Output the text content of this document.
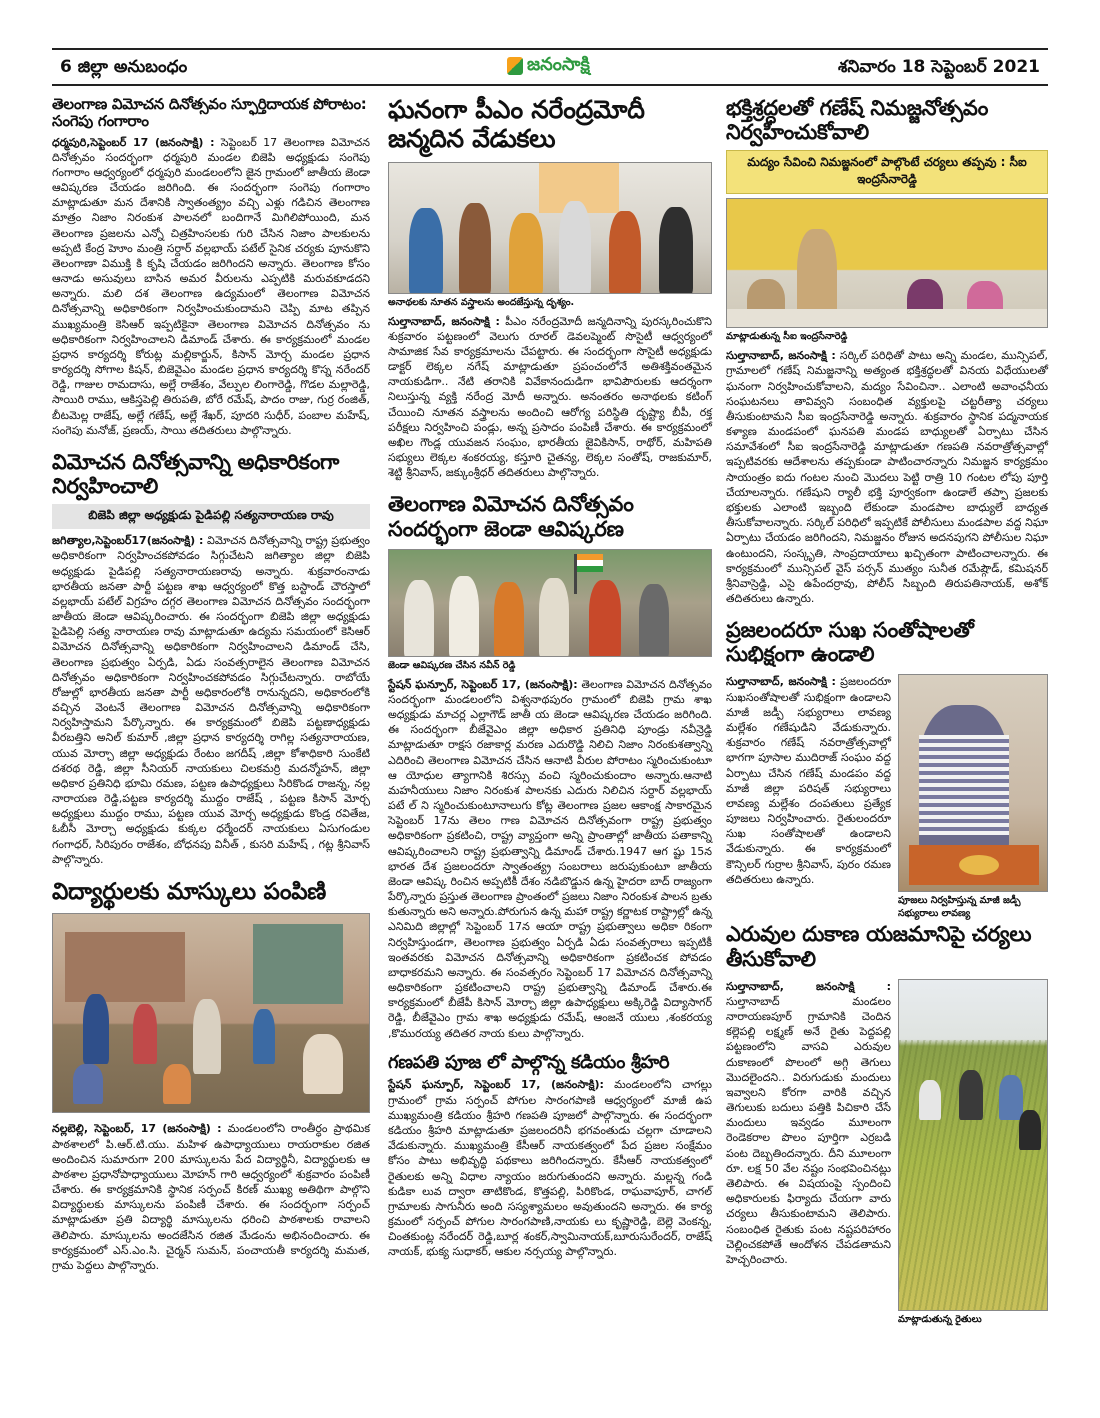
6 జిల్లా అనుబంధం	జనంసాక్షి	శనివారం 18 సెప్టెంబర్ 2021
తెలంగాణ విమోచన దినోత్సవం స్ఫూర్తిదాయక పోరాటం: సంగెపు గంగారాం

ధర్మపురి,సెప్టెంబర్ 17 (జనంసాక్షి) : సెప్టెంబర్ 17 తెలంగాణ విమోచన దినోత్సవం సందర్భంగా ధర్మపురి మండల బిజెపి అధ్యక్షుడు సంగెపు గంగారాం ఆధ్వర్యంలో ధర్మపురి మండలంలోని జైన గ్రామంలో జాతీయ జెండా ఆవిష్కరణ చేయడం జరిగింది. ఈ సందర్భంగా సంగెపు గంగారాం మాట్లాడుతూ మన దేశానికి స్వాతంత్య్రం వచ్చి ఎళ్లు గడిచిన తెలంగాణ మాత్రం నిజాం నిరంకుశ పాలనలో బందిగానే మిగిలిపోయింది, మన తెలంగాణ ప్రజలను ఎన్నో చిత్రహింసలకు గురి చేసిన నిజాం పాలకులను అప్పటి కేంద్ర హెూం మంత్రి సర్దార్ వల్లభాయ్ పటేల్ సైనిక చర్యకు పూనుకొని తెలంగాణా విముక్తి కి కృషి చేయడం జరిగిందని అన్నారు. తెలంగాణ కోసం ఆనాడు అసువులు బాసిన అమర వీరులను ఎప్పటికి మరువకూడదని అన్నారు. మలి దశ తెలంగాణ ఉద్యమంలో తెలంగాణ విమోచన దినోత్సవాన్ని అధికారికంగా నిర్వహించుకుందామని చెప్పి మాట తప్పిన ముఖ్యమంత్రి కెసిఆర్ ఇప్పటికైనా తెలంగాణ విమోచన దినోత్సవం ను అధికారికంగా నిర్వహించాలని డిమాండ్ చేశారు. ఈ కార్యక్రమంలో మండల ప్రధాన కార్యదర్శి కోరుట్ల మల్లికార్జున్, కిసాన్ మోర్చ మండల ప్రధాన కార్యదర్శి సోగాల కిషన్, బిజెవైఎం మండల ప్రధాన కార్యదర్శి కొస్న నరేందర్ రెడ్డి, గాజుల రామదాసు, అల్లే రాజేశం, వేల్పుల లింగారెడ్డి, గొడల మల్లారెడ్డి, సాయిరి రాము, ఆకిస్తపెల్లి తిరుపతి, బోరే రమేష్, పాదం రాజు, గుర్ర రంజిత్, బీటమెల్ల రాజేష్, అల్లే గణేష్, అల్లే శేఖర్, పూదరి సుధీర్, పంబాల మహేష్, సంగెపు మనోజ్, ప్రణయ్, సాయి తదితరులు పాల్గొన్నారు.

విమోచన దినోత్సవాన్ని అధికారికంగా నిర్వహించాలి
బిజెపి జిల్లా అధ్యక్షుడు పైడిపల్లి సత్యనారాయణ రావు

జగిత్యాల,సెప్టెంబర్17(జనంసాక్షి) : విమోచన దినోత్సవాన్ని రాష్ట్ర ప్రభుత్వం అధికారికంగా నిర్వహించకపోవడం సిగ్గుచేటని జగిత్యాల జిల్లా బిజెపి అధ్యక్షుడు పైడిపల్లి సత్యనారాయణరావు అన్నారు. శుక్రవారంనాడు భారతీయ జనతా పార్టీ పట్టణ శాఖ ఆధ్వర్యంలో కొత్త బస్టాండ్ చౌరస్తాలో వల్లభాయ్ పటేల్ విగ్రహం దగ్గర తెలంగాణ విమోచన దినోత్సవం సందర్భంగా జాతీయ జెండా ఆవిష్కరించారు. ఈ సందర్భంగా బిజెపి జిల్లా అధ్యక్షుడు పైడిపెల్లి సత్య నారాయణ రావు మాట్లాడుతూ ఉద్యమ సమయంలో కెసిఆర్ విమోచన దినోత్సవాన్ని అధికారికంగా నిర్వహించాలని డిమాండ్ చేసి, తెలంగాణ ప్రభుత్వం ఏర్పడి, ఏడు సంవత్సరాలైన తెలంగాణ విమోచన దినోత్సవం అధికారికంగా నిర్వహించకపోవడం సిగ్గుచేటన్నారు. రాబోయే రోజుల్లో భారతీయ జనతా పార్టీ అధికారంలోకి రానున్నదని, అధికారంలోకి వచ్చిన వెంటనే తెలంగాణ విమోచన దినోత్సవాన్ని అధికారికంగా నిర్వహిస్తామని పేర్కొన్నారు. ఈ కార్యక్రమంలో బిజెపి పట్టణాధ్యక్షుడు వీరబత్తిని అనిల్ కుమార్ ,జిల్లా ప్రధాన కార్యదర్శి రాగిల్ల సత్యనారాయణ, యువ మోర్చా జిల్లా అధ్యక్షుడు రేంటం జగదీష్ ,జిల్లా కోశాధికారి సుంకేటి దశరథ రెడ్డి, జిల్లా సీనియర్ నాయకులు చిలకమర్రి మదన్మోహన్, జిల్లా అధికార ప్రతినిధి భూమి రమణ, పట్టణ ఉపాధ్యక్షులు సిరికొండ రాజన్న, నల్ల నారాయణ రెడ్డి,పట్టణ కార్యదర్శి ముద్దం రాజేష్ , పట్టణ కిసాన్ మోర్చ అధ్యక్షులు ముద్దం రాము, పట్టణ యువ మోర్చ అధ్యక్షుడు కొండ్ర రవితేజ, ఓబీసీ మోర్చా అధ్యక్షుడు కుక్కల ధర్మేందర్ నాయకులు ఏసుగండుల గంగాధర్, సిరిపురం రాజేశం, బోధనపు వినీత్ , కుసరి మహేష్ , గట్ల శ్రీనివాస్ పాల్గొన్నారు.

విద్యార్థులకు మాస్కులు పంపిణి

నల్లబెల్లి, సెప్టెంబర్, 17 (జనంసాక్షి) : మండలంలోని రాంతీర్ధం ప్రాథమిక పాఠశాలలో పి.ఆర్.టి.యు. మహిళ ఉపాధ్యాయులు రాయరాకుల రజిత అందించిన సుమారుగా 200 మాస్కులను పేద విద్యార్థినీ, విద్యార్థులకు ఆ పాఠశాల ప్రధానోపాధ్యాయులు మోహన్ గారి ఆధ్వర్యంలో శుక్రవారం పంపిణీ చేశారు. ఈ కార్యక్రమానికి స్థానిక సర్పంచ్ కిరణ్ ముఖ్య అతిథిగా పాల్గొని విద్యార్థులకు మాస్కులను పంపిణీ చేశారు. ఈ సందర్భంగా సర్పంచ్ మాట్లాడుతూ ప్రతి విద్యార్థి మాస్కులను ధరించి పాఠశాలకు రావాలని తెలిపారు. మాస్కులను అందజేసిన రజిత మేడంను అభినందించారు. ఈ కార్యక్రమంలో ఎస్.ఎం.సి. చైర్మన్ సుమన్, పంచాయతీ కార్యదర్శి మమత, గ్రామ పెద్దలు పాల్గొన్నారు.

ఘనంగా పీఎం నరేంద్రమోదీ జన్మదిన వేడుకలు
అనాథలకు నూతన వస్త్రాలను అందజేస్తున్న దృశ్యం.

సుల్తానాబాద్, జనంసాక్షి : పీఎం నరేంద్రమోదీ జన్మదినాన్ని పురస్కరించుకొని శుక్రవారం పట్టణంలో వెలుగు రూరల్ డెవలప్మెంట్ సొసైటీ ఆధ్వర్యంలో సామాజిక సేవ కార్యక్రమాలను చేపట్టారు. ఈ సందర్భంగా సొసైటీ అధ్యక్షుడు డాక్టర్ లెక్కల నగేష్ మాట్లాడుతూ ప్రపంచంలోనే అతిశక్తివంతమైన నాయకుడిగా.. నేటి తరానికి వివేకానందుడిగా భావిపౌరులకు ఆదర్శంగా నిలుస్తున్న వ్యక్తి నరేంద్ర మోదీ అన్నారు. అనంతరం అనాథలకు కటింగ్ చేయించి నూతన వస్త్రాలను అందించి ఆరోగ్య పరిస్థితి దృష్ట్యా బీపీ, రక్త పరీక్షలు నిర్వహించి పండ్లు, అన్న ప్రసాదం పంపిణీ చేశారు. ఈ కార్యక్రమంలో అఖిల గౌండ్ల యువజన సంఘం, భారతీయ జైవికిసాన్, రాథోర్, మహిపతి సభ్యులు లెక్కల శంకరయ్య, కస్తూరి చైతన్య, లెక్కల సంతోష్, రాజకుమార్, శెట్టి శ్రీనివాస్, జక్కుంశ్రీధర్ తదితరులు పాల్గొన్నారు.

తెలంగాణ విమోచన దినోత్సవం సందర్భంగా జెండా ఆవిష్కరణ
జెండా ఆవిష్కరణ చేసిన నవీన్ రెడ్డి

స్టేషన్ ఘన్పూర్, సెప్టెంబర్ 17, (జనంసాక్షి): తెలంగాణ విమోచన దినోత్సవం సందర్భంగా మండలంలోని విశ్వనాథపురం గ్రామంలో బిజెపి గ్రామ శాఖ అధ్యక్షుడు మాచర్ల ఎల్లాగౌడ్ జాతీ య జెండా ఆవిష్కరణ చేయడం జరిగింది. ఈ సందర్భంగా బీజేవైఎం జిల్లా అధికార ప్రతినిధి పూండ్రు నవీన్రెడ్డి మాట్లాడుతూ రాక్షస రజాకార్ల మరణ ఎదురొడ్డి నిలిచి నిజాం నిరంకుశత్వాన్ని ఎదిరించి తెలంగాణ విమోచన చేసిన ఆనాటి వీరుల పోరాటం స్మరించుకుంటూ ఆ యోధుల త్యాగానికి శిరస్సు వంచి స్మరించుకుందాం అన్నారు.ఆనాటి మహనీయులు నిజాం నిరంకుశ పాలనకు ఎదురు నిలిచిన సర్దార్ వల్లభాయ్ పటే ల్ ని స్మరించుకుంటూనాలుగు కోట్ల తెలంగాణ ప్రజల ఆకాంక్ష సాకారమైన సెప్టెంబర్ 17ను తెలం గాణ విమోచన దినోత్సవంగా రాష్ట్ర ప్రభుత్వం అధికారికంగా ప్రకటించి, రాష్ట్ర వ్యాప్తంగా అన్ని ప్రాంతాల్లో జాతీయ పతాకాన్ని ఆవిష్కరించాలని రాష్ట్ర ప్రభుత్వాన్ని డిమాండ్ చేశారు.1947 ఆగ ష్టు 15న భారత దేశ ప్రజలందరూ స్వాతంత్య్ర సంబరాలు జరుపుకుంటూ జాతీయ జెండా ఆవిష్క రించిన అప్పటికీ దేశం నడిబొడ్డున ఉన్న హైదరా బాద్ రాజ్యంగా పేర్కొన్నారు ప్రస్తుత తెలంగాణ ప్రాంతంలో ప్రజలు నిజాం నిరంకుశ పాలన బ్రతు కుతున్నారు అని అన్నారు.పోరుగున ఉన్న మహా రాష్ట్ర కర్ణాటక రాష్ట్రాల్లో ఉన్న ఎనిమిది జిల్లాల్లో సెప్టెంబర్ 17న ఆయా రాష్ట్ర ప్రభుత్వాలు అధికా రికంగా నిర్వహిస్తుండగా, తెలంగాణ ప్రభుత్వం ఏర్పడి ఏడు సంవత్సరాలు ఇప్పటికీ ఇంతవరకు విమోచన దినోత్సవాన్ని అధికారికంగా ప్రకటించక పోవడం బాధాకరమని అన్నారు. ఈ సంవత్సరం సెప్టెంబర్ 17 విమోచన దినోత్సవాన్ని అధికారికంగా ప్రకటించాలని రాష్ట్ర ప్రభుత్వాన్ని డిమాండ్ చేశారు.ఈ కార్యక్రమంలో బీజేపీ కిసాన్ మోర్చా జిల్లా ఉపాధ్యక్షులు అక్కిరెడ్డి విద్యాసాగర్ రెడ్డి, బీజేవైఎం గ్రామ శాఖ అధ్యక్షుడు రమేష్, ఆంజనే యులు ,శంకరయ్య ,కొమురయ్య తదితర నాయ కులు పాల్గొన్నారు.

గణపతి పూజ లో పాల్గొన్న కడియం శ్రీహరి

స్టేషన్ ఘన్పూర్, సెప్టెంబర్ 17, (జనంసాక్షి): మండలంలోని చాగల్లు గ్రామంలో గ్రామ సర్పంచ్ పోగుల సారంగపాణి ఆధ్వర్యంలో మాజీ ఉప ముఖ్యమంత్రి కడియం శ్రీహరి గణపతి పూజలో పాల్గొన్నారు. ఈ సందర్భంగా కడియం శ్రీహరి మాట్లాడుతూ ప్రజలందరినీ భగవంతుడు చల్లగా చూడాలని వేడుకున్నారు. ముఖ్యమంత్రి కేసీఆర్ నాయకత్వంలో పేద ప్రజల సంక్షేమం కోసం పాటు అభివృద్ధి పథకాలు జరిగిందన్నారు. కేసీఆర్ నాయకత్వంలో రైతులకు అన్ని విధాల న్యాయం జరుగుతుందని అన్నారు. మల్లన్న గండి కుడికా లువ ద్వారా తాటికొండ, కొత్తపల్లి, పిరికొండ, రాఘవాపూర్, చాగల్ గ్రామాలకు సాగునీరు అంది సస్యశ్యామలం అవుతుందని అన్నారు. ఈ కార్య క్రమంలో సర్పంచ్ పోగుల సారంగపాణి,నాయకు లు కృష్ణారెడ్డి, బెల్లె వెంకన్న, చింతకుంట్ల నరేందర్ రెడ్డి,బూర్ల శంకర్,స్వామినాయక్,బూరుసురేందర్, రాజేష్ నాయక్, భుక్య సుధాకర్, ఆకుల నర్సయ్య పాల్గొన్నారు.

భక్తిశ్రద్ధలతో గణేష్ నిమజ్జనోత్సవం నిర్వహించుకోవాలి
మద్యం సేవించి నిమజ్జనంలో పాల్గొంటే చర్యలు తప్పవు : సీఐ ఇంద్రసేనారెడ్డి
మాట్లాడుతున్న సీఐ ఇంద్రసేనారెడ్డి

సుల్తానాబాద్, జనంసాక్షి : సర్కిల్ పరిధితో పాటు అన్ని మండల, మున్సిపల్, గ్రామాలలో గణేష్ నిమజ్జనాన్ని అత్యంత భక్తిశ్రద్ధలతో వినయ విధేయులతో ఘనంగా నిర్వహించుకోవాలని, మద్యం సేవించినా.. ఎలాంటి అవాంఛనీయ సంఘటనలు తావివ్వని సంబంధిత వ్యక్తులపై చట్టరీత్యా చర్యలు తీసుకుంటామని సీఐ ఇంద్రసేనారెడ్డి అన్నారు. శుక్రవారం స్థానిక పద్మనాయక కళ్యాణ మండపంలో ఘనపతి మండప బాధ్యులతో ఏర్పాటు చేసిన సమావేశంలో సీఐ ఇంద్రసేనారెడ్డి మాట్లాడుతూ గణపతి నవరాత్రోత్సవాల్లో ఇప్పటివరకు ఆదేశాలను తప్పకుండా పాటించారన్నారు నిమజ్జన కార్యక్రమం సాయంత్రం ఐదు గంటల నుంచి మొదలు పెట్టి రాత్రి 10 గంటల లోపు పూర్తి చేయాలన్నారు. గణేషుని ర్యాలీ భక్తి పూర్వకంగా ఉండాలే తప్పా ప్రజలకు భక్తులకు ఎలాంటి ఇబ్బంది లేకుండా మండపాల బాధ్యులే బాధ్యత తీసుకోవాలన్నారు. సర్కిల్ పరిధిలో ఇప్పటికే పోలీసులు మండపాల వద్ద నిఘా ఏర్పాటు చేయడం జరిగిందని, నిమజ్జనం రోజున అదనపుగని పోలీసుల నిఘా ఉంటుందని, సంస్కృతి, సాంప్రదాయాలు ఖచ్చితంగా పాటించాలన్నారు. ఈ కార్యక్రమంలో మున్సిపల్ వైస్ పర్సన్ ముత్యం సునీత రమేష్గౌడ్, కమిషనర్ శ్రీనివాస్రెడ్డి, ఎసై ఉపేందర్రావు, పోలీస్ సిబ్బంది తిరుపతినాయక్, అశోక్ తదితరులు ఉన్నారు.

ప్రజలందరూ సుఖ సంతోషాలతో సుభిక్షంగా ఉండాలి

సుల్తానాబాద్, జనంసాక్షి : ప్రజలందరూ సుఖసంతోషాలతో సుభిక్షంగా ఉండాలని మాజీ జడ్పీ సభ్యురాలు లావణ్య మల్లేశం గణేషుడిని వేడుకున్నారు. శుక్రవారం గణేష్ నవరాత్రోత్సవాల్లో భాగగా పూసాల ముదిరాజ్ సంఘం వద్ద ఏర్పాటు చేసిన గణేష్ మండపం వద్ద మాజీ జిల్లా పరిషత్ సభ్యురాలు లావణ్య మల్లేశం దంపతులు ప్రత్యేక పూజలు నిర్వహించారు. రైతులందరూ సుఖ సంతోషాలతో ఉండాలని వేడుకున్నారు. ఈ కార్యక్రమంలో కౌన్సిలర్ గుర్రాల శ్రీనివాస్, పురం రమణ తదితరులు ఉన్నారు.

పూజలు నిర్వహిస్తున్న మాజీ జడ్పీ సభ్యురాలు లావణ్య
ఎరువుల దుకాణ యజమానిపై చర్యలు తీసుకోవాలి

సుల్తానాబాద్, జనంసాక్షి : సుల్తానాబాద్ మండలం నారాయణపూర్ గ్రామానికి చెందిన కల్లెపల్లి లక్ష్మణ్ అనే రైతు పెద్దపల్లి పట్టణంలోని వాసవి ఎరువుల దుకాణంలో పొలంలో అగ్గి తెగులు మొదలైందని.. విరుగుడుకు మందులు ఇవ్వాలని కోరగా వారికి వచ్చిన తెగులుకు బదులు పత్తికి పిచికారి చేసే మందులు ఇవ్వడం మూలంగా రెండెకరాల పొలం పూర్తిగా ఎర్రబడి పంట దెబ్బతిందన్నారు. దీని మూలంగా రూ. లక్ష 50 వేల నష్టం సంభవించినట్లు తెలిపారు. ఈ విషయంపై స్పందించి అధికారులకు ఫిర్యాదు చేయగా వారు చర్యలు తీసుకుంటామని తెలిపారు. సంబంధిత రైతుకు పంట నష్టపరిహారం చెల్లించకపోతే ఆందోళన చేపడతామని హెచ్చరించారు.

మాట్లాడుతున్న రైతులు
